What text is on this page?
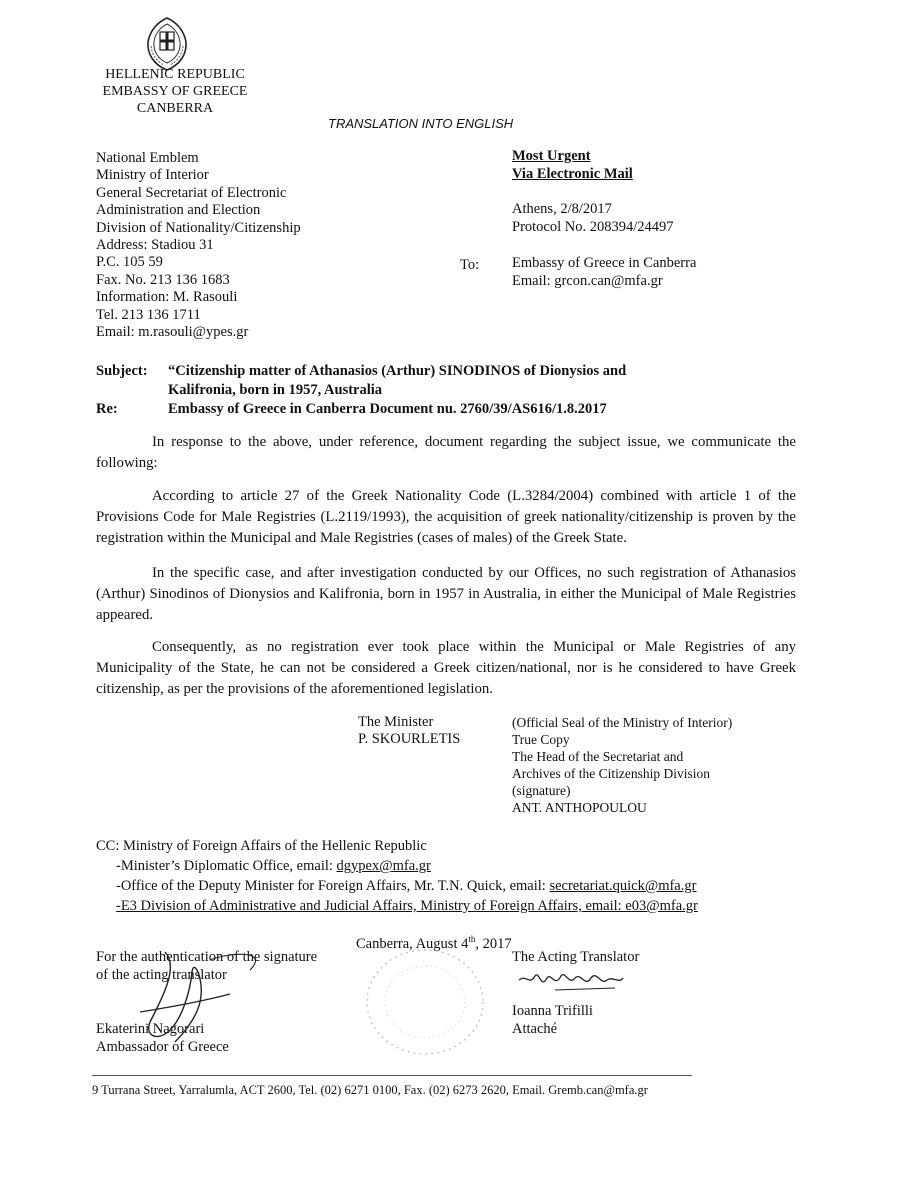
HELLENIC REPUBLIC
EMBASSY OF GREECE
CANBERRA
TRANSLATION INTO ENGLISH
National Emblem
Ministry of Interior
General Secretariat of Electronic
Administration and Election
Division of Nationality/Citizenship
Address: Stadiou 31
P.C. 105 59
Fax. No. 213 136 1683
Information: M. Rasouli
Tel. 213 136 1711
Email: m.rasouli@ypes.gr
Most Urgent
Via Electronic Mail
Athens, 2/8/2017
Protocol No. 208394/24497
To: Embassy of Greece in Canberra
Email: grcon.can@mfa.gr
Subject: “Citizenship matter of Athanasios (Arthur) SINODINOS of Dionysios and
Kalifronia, born in 1957, Australia
Re:	Embassy of Greece in Canberra Document nu. 2760/39/AS616/1.8.2017

In response to the above, under reference, document regarding the subject issue, we communicate the following:

According to article 27 of the Greek Nationality Code (L.3284/2004) combined with article 1 of the Provisions Code for Male Registries (L.2119/1993), the acquisition of greek nationality/citizenship is proven by the registration within the Municipal and Male Registries (cases of males) of the Greek State.

In the specific case, and after investigation conducted by our Offices, no such registration of Athanasios (Arthur) Sinodinos of Dionysios and Kalifronia, born in 1957 in Australia, in either the Municipal of Male Registries appeared.

Consequently, as no registration ever took place within the Municipal or Male Registries of any Municipality of the State, he can not be considered a Greek citizen/national, nor is he considered to have Greek citizenship, as per the provisions of the aforementioned legislation.

The Minister
P. SKOURLETIS
(Official Seal of the Ministry of Interior)
True Copy
The Head of the Secretariat and
Archives of the Citizenship Division
(signature)
ANT. ANTHOPOULOU
CC: Ministry of Foreign Affairs of the Hellenic Republic
-Minister’s Diplomatic Office, email: dgypex@mfa.gr
-Office of the Deputy Minister for Foreign Affairs, Mr. T.N. Quick, email: secretariat.quick@mfa.gr
-E3 Division of Administrative and Judicial Affairs, Ministry of Foreign Affairs, email: e03@mfa.gr
Canberra, August 4th, 2017
For the authentication of the signature
of the acting translator
Ekaterini Nagorari
Ambassador of Greece
The Acting Translator
Ioanna Trifilli
Attaché
9 Turrana Street, Yarralumla, ACT 2600, Tel. (02) 6271 0100, Fax. (02) 6273 2620, Email. Gremb.can@mfa.gr
